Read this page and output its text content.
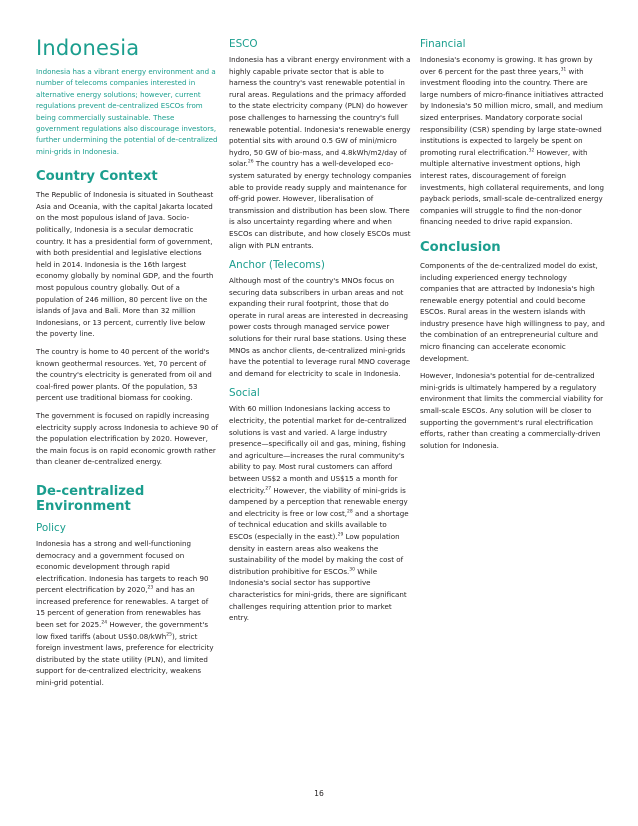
Indonesia

Indonesia has a vibrant energy environment and a number of telecoms companies interested in alternative energy solutions; however, current regulations prevent de-centralized ESCOs from being commercially sustainable. These government regulations also discourage investors, further undermining the potential of de-centralized mini-grids in Indonesia.

Country Context

The Republic of Indonesia is situated in Southeast Asia and Oceania, with the capital Jakarta located on the most populous island of Java. Socio-politically, Indonesia is a secular democratic country. It has a presidential form of government, with both presidential and legislative elections held in 2014. Indonesia is the 16th largest economy globally by nominal GDP, and the fourth most populous country globally. Out of a population of 246 million, 80 percent live on the islands of Java and Bali. More than 32 million Indonesians, or 13 percent, currently live below the poverty line.

The country is home to 40 percent of the world's known geothermal resources. Yet, 70 percent of the country's electricity is generated from oil and coal-fired power plants. Of the population, 53 percent use traditional biomass for cooking.

The government is focused on rapidly increasing electricity supply across Indonesia to achieve 90 of the population electrification by 2020. However, the main focus is on rapid economic growth rather than cleaner de-centralized energy.

De-centralized Environment
Policy

Indonesia has a strong and well-functioning democracy and a government focused on economic development through rapid electrification. Indonesia has targets to reach 90 percent electrification by 2020,23 and has an increased preference for renewables. A target of 15 percent of generation from renewables has been set for 2025.24 However, the government's low fixed tariffs (about US$0.08/kWh$^{25}$), strict foreign investment laws, preference for electricity distributed by the state utility (PLN), and limited support for de-centralized electricity, weakens mini-grid potential.

ESCO

Indonesia has a vibrant energy environment with a highly capable private sector that is able to harness the country's vast renewable potential in rural areas. Regulations and the primacy afforded to the state electricity company (PLN) do however pose challenges to harnessing the country's full renewable potential. Indonesia's renewable energy potential sits with around 0.5 GW of mini/micro hydro, 50 GW of bio-mass, and 4.8kWh/m2/day of solar.$^{26}$ The country has a well-developed eco-system saturated by energy technology companies able to provide ready supply and maintenance for off-grid power. However, liberalisation of transmission and distribution has been slow. There is also uncertainty regarding where and when ESCOs can distribute, and how closely ESCOs must align with PLN entrants.

Anchor (Telecoms)

Although most of the country's MNOs focus on securing data subscribers in urban areas and not expanding their rural footprint, those that do operate in rural areas are interested in decreasing power costs through managed service power solutions for their rural base stations. Using these MNOs as anchor clients, de-centralized mini-grids have the potential to leverage rural MNO coverage and demand for electricity to scale in Indonesia.

Social

With 60 million Indonesians lacking access to electricity, the potential market for de-centralized solutions is vast and varied. A large industry presence—specifically oil and gas, mining, fishing and agriculture—increases the rural community's ability to pay. Most rural customers can afford between US$2 a month and US$15 a month for electricity.$^{27}$ However, the viability of mini-grids is dampened by a perception that renewable energy and electricity is free or low cost,$^{28}$ and a shortage of technical education and skills available to ESCOs (especially in the east).$^{29}$ Low population density in eastern areas also weakens the sustainability of the model by making the cost of distribution prohibitive for ESCOs.$^{30}$ While Indonesia's social sector has supportive characteristics for mini-grids, there are significant challenges requiring attention prior to market entry.

Financial

Indonesia's economy is growing. It has grown by over 6 percent for the past three years,$^{31}$ with investment flooding into the country. There are large numbers of micro-finance initiatives attracted by Indonesia's 50 million micro, small, and medium sized enterprises. Mandatory corporate social responsibility (CSR) spending by large state-owned institutions is expected to largely be spent on promoting rural electrification.$^{32}$ However, with multiple alternative investment options, high interest rates, discouragement of foreign investments, high collateral requirements, and long payback periods, small-scale de-centralized energy companies will struggle to find the non-donor financing needed to drive rapid expansion.

Conclusion

Components of the de-centralized model do exist, including experienced energy technology companies that are attracted by Indonesia's high renewable energy potential and could become ESCOs. Rural areas in the western islands with industry presence have high willingness to pay, and the combination of an entrepreneurial culture and micro financing can accelerate economic development.

However, Indonesia's potential for de-centralized mini-grids is ultimately hampered by a regulatory environment that limits the commercial viability for small-scale ESCOs. Any solution will be closer to supporting the government's rural electrification efforts, rather than creating a commercially-driven solution for Indonesia.

16
